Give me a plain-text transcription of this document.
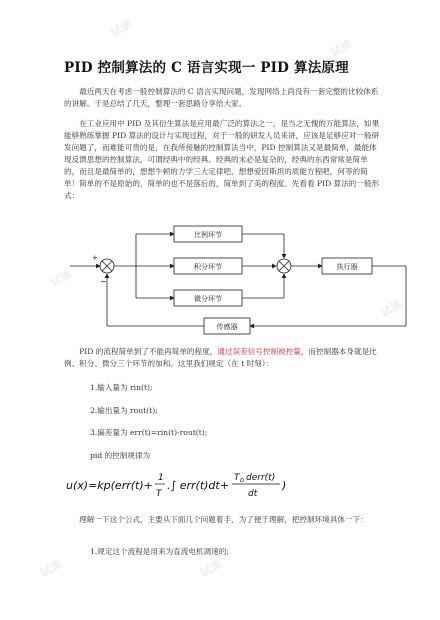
试读
试读
试读
试读
试读
试读
PID 控制算法的 C 语言实现一 PID 算法原理

最近两天在考虑一般控制算法的 C 语言实现问题，发现网络上尚没有一套完整的比较体系的讲解。于是总结了几天，整理一套思路分享给大家。

在工业应用中 PID 及其衍生算法是应用最广泛的算法之一，是当之无愧的万能算法，如果能够熟练掌握 PID 算法的设计与实现过程，对于一般的研发人员来讲，应该是足够应对一般研发问题了，而难能可贵的是，在我所接触的控制算法当中，PID 控制算法又是最简单，最能体现反馈思想的控制算法，可谓经典中的经典。经典的未必是复杂的，经典的东西常常是简单的，而且是最简单的，想想牛顿的力学三大定律吧，想想爱因斯坦的质能方程吧，何等的简单！简单的不是原始的，简单的也不是落后的，简单到了美的程度。先看看 PID 算法的一般形式：

+
−
比例环节
积分环节
微分环节
执行器
传感器

PID 的流程简单到了不能再简单的程度，通过误差信号控制被控量，而控制器本身就是比例、积分、微分三个环节的加和。这里我们规定（在 t 时刻）：

1.输入量为 rin(t);
2.输出量为 rout(t);
3.偏差量为 err(t)=rin(t)-rout(t);
pid 的控制规律为
u(x)=kp(err(t)+
1
T
.∫ err(t)dt+
T D derr(t)
dt
)

理解一下这个公式，主要从下面几个问题着手，为了便于理解，把控制环境具体一下：

1.规定这个流程是用来为直流电机调速的;
